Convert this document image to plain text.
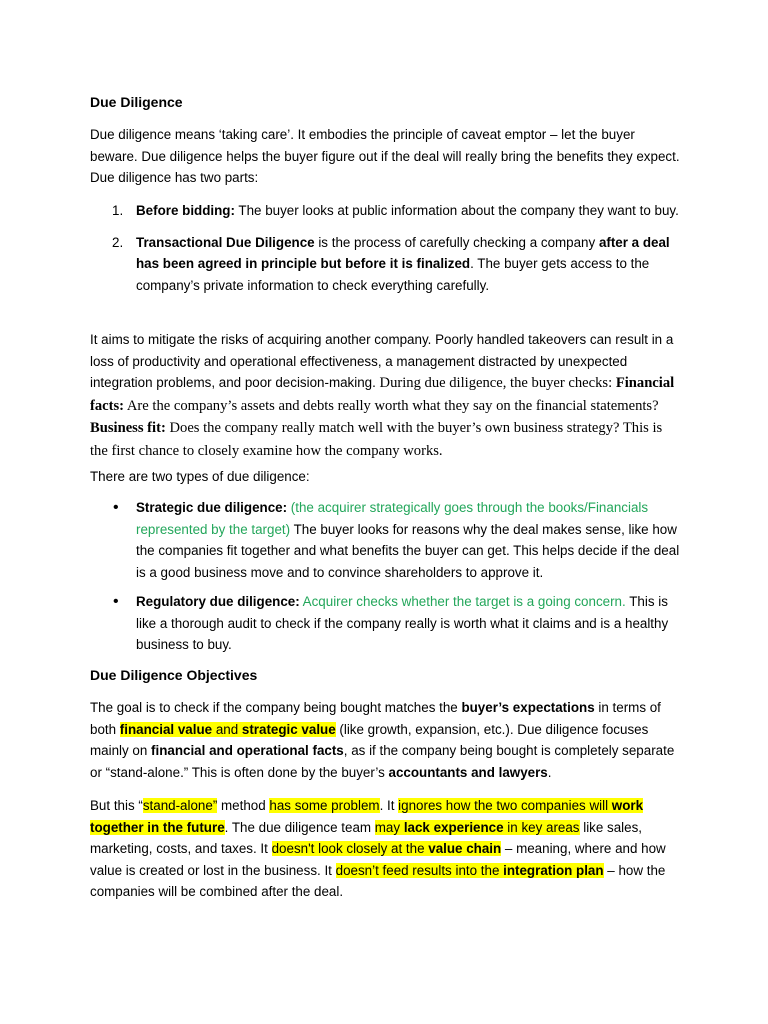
Due Diligence

Due diligence means ‘taking care’. It embodies the principle of caveat emptor – let the buyer beware. Due diligence helps the buyer figure out if the deal will really bring the benefits they expect. Due diligence has two parts:

1. Before bidding: The buyer looks at public information about the company they want to buy.
2. Transactional Due Diligence is the process of carefully checking a company after a deal has been agreed in principle but before it is finalized. The buyer gets access to the company’s private information to check everything carefully.

It aims to mitigate the risks of acquiring another company. Poorly handled takeovers can result in a loss of productivity and operational effectiveness, a management distracted by unexpected integration problems, and poor decision-making. During due diligence, the buyer checks: Financial facts: Are the company’s assets and debts really worth what they say on the financial statements? Business fit: Does the company really match well with the buyer’s own business strategy? This is the first chance to closely examine how the company works.

There are two types of due diligence:

• Strategic due diligence: (the acquirer strategically goes through the books/Financials represented by the target) The buyer looks for reasons why the deal makes sense, like how the companies fit together and what benefits the buyer can get. This helps decide if the deal is a good business move and to convince shareholders to approve it.
• Regulatory due diligence: Acquirer checks whether the target is a going concern. This is like a thorough audit to check if the company really is worth what it claims and is a healthy business to buy.
Due Diligence Objectives

The goal is to check if the company being bought matches the buyer’s expectations in terms of both financial value and strategic value (like growth, expansion, etc.). Due diligence focuses mainly on financial and operational facts, as if the company being bought is completely separate or “stand-alone.” This is often done by the buyer’s accountants and lawyers.

But this “stand-alone” method has some problem. It ignores how the two companies will work together in the future. The due diligence team may lack experience in key areas like sales, marketing, costs, and taxes. It doesn't look closely at the value chain – meaning, where and how value is created or lost in the business. It doesn’t feed results into the integration plan – how the companies will be combined after the deal.
